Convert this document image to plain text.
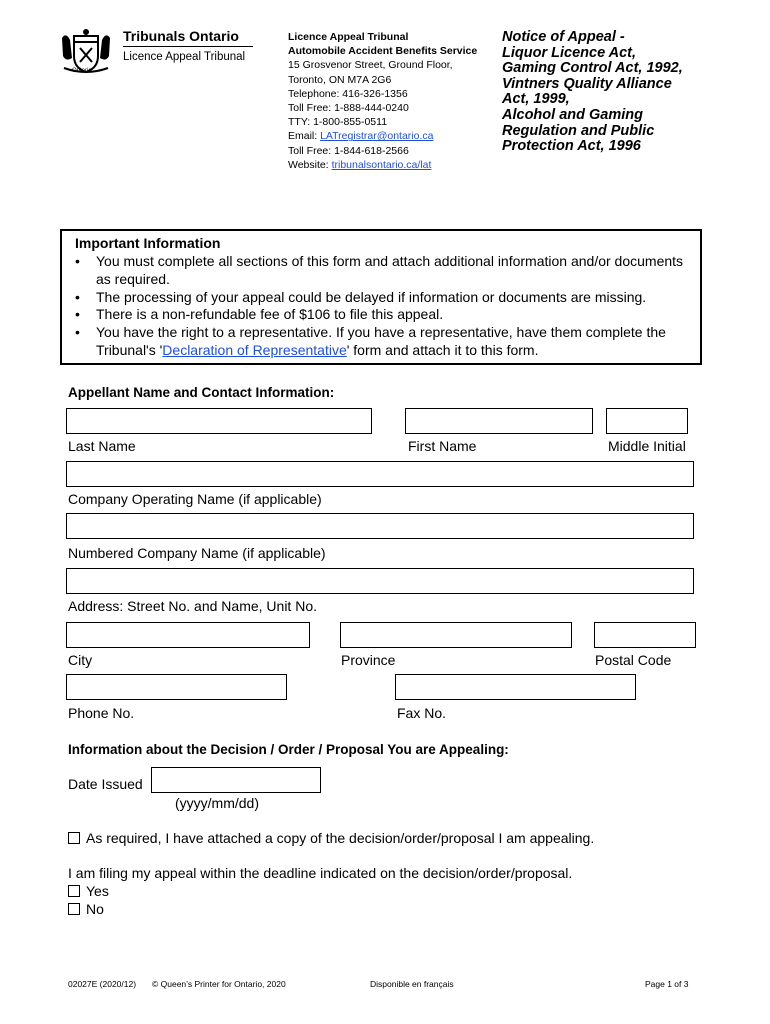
Ontario
Tribunals Ontario
Licence Appeal Tribunal
Licence Appeal Tribunal
Automobile Accident Benefits Service
15 Grosvenor Street, Ground Floor,
Toronto, ON M7A 2G6
Telephone: 416-326-1356
Toll Free: 1-888-444-0240
TTY: 1-800-855-0511
Email: LATregistrar@ontario.ca
Toll Free: 1-844-618-2566
Website: tribunalsontario.ca/lat
Notice of Appeal -
Liquor Licence Act,
Gaming Control Act, 1992,
Vintners Quality Alliance
Act, 1999,
Alcohol and Gaming
Regulation and Public
Protection Act, 1996
Important Information
• You must complete all sections of this form and attach additional information and/or documents as required.
• The processing of your appeal could be delayed if information or documents are missing.
• There is a non-refundable fee of $106 to file this appeal.
• You have the right to a representative. If you have a representative, have them complete the Tribunal's 'Declaration of Representative' form and attach it to this form.
Appellant Name and Contact Information:
Last Name	First Name	Middle Initial
Company Operating Name (if applicable)
Numbered Company Name (if applicable)
Address: Street No. and Name, Unit No.
City	Province	Postal Code
Phone No.	Fax No.
Information about the Decision / Order / Proposal You are Appealing:
Date Issued
(yyyy/mm/dd)
As required, I have attached a copy of the decision/order/proposal I am appealing.
I am filing my appeal within the deadline indicated on the decision/order/proposal.
Yes
No
02027E (2020/12) © Queen’s Printer for Ontario, 2020	Disponible en français	Page 1 of 3
